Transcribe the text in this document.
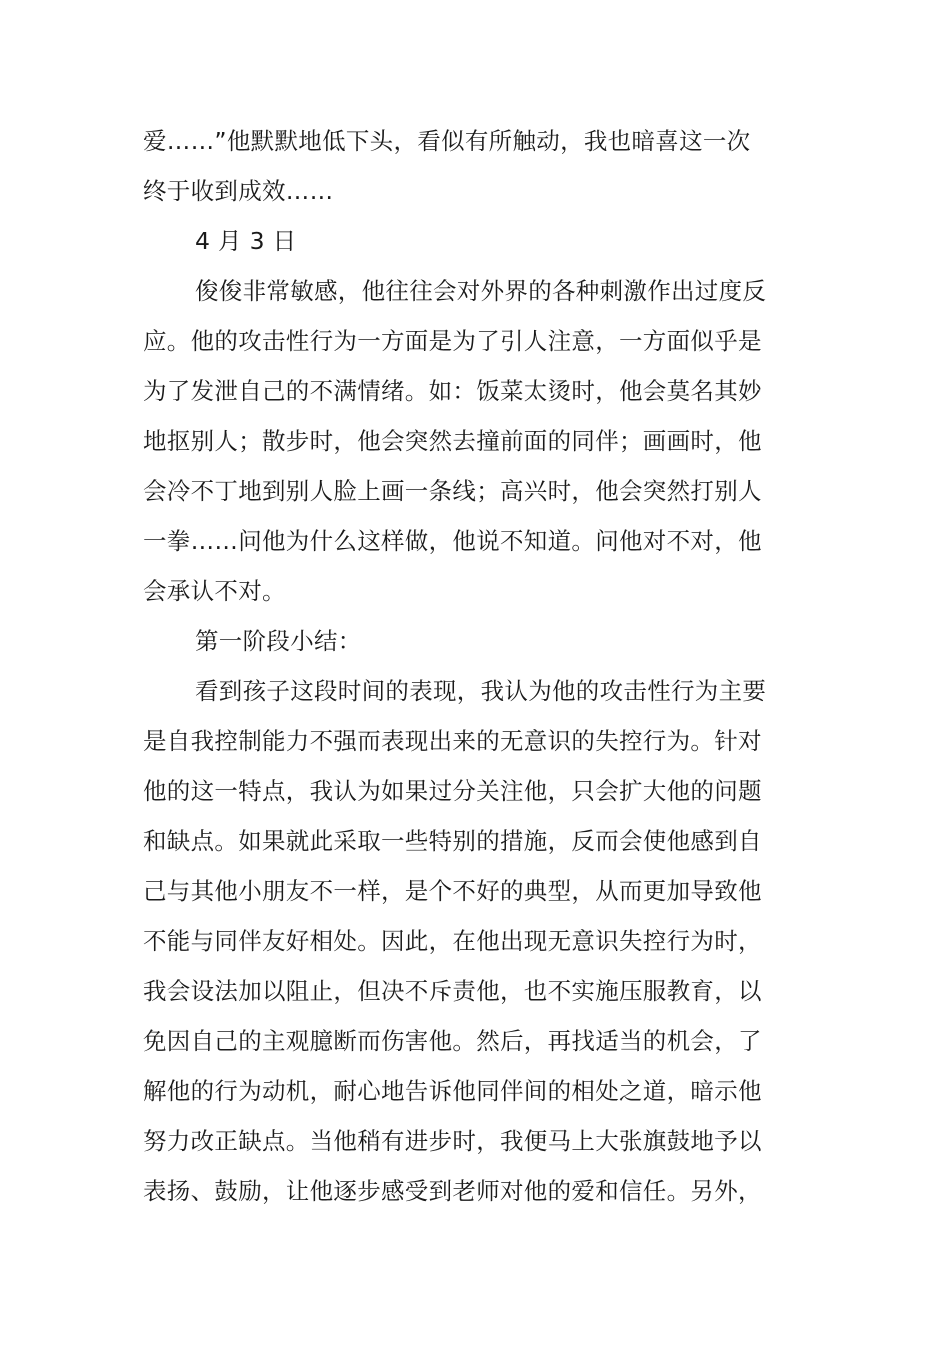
爱……”他默默地低下头，看似有所触动，我也暗喜这一次
终于收到成效……
4 月 3 日
俊俊非常敏感，他往往会对外界的各种刺激作出过度反
应。他的攻击性行为一方面是为了引人注意，一方面似乎是
为了发泄自己的不满情绪。如：饭菜太烫时，他会莫名其妙
地抠别人；散步时，他会突然去撞前面的同伴；画画时，他
会冷不丁地到别人脸上画一条线；高兴时，他会突然打别人
一拳……问他为什么这样做，他说不知道。问他对不对，他
会承认不对。
第一阶段小结：
看到孩子这段时间的表现，我认为他的攻击性行为主要
是自我控制能力不强而表现出来的无意识的失控行为。针对
他的这一特点，我认为如果过分关注他，只会扩大他的问题
和缺点。如果就此采取一些特别的措施，反而会使他感到自
己与其他小朋友不一样，是个不好的典型，从而更加导致他
不能与同伴友好相处。因此，在他出现无意识失控行为时，
我会设法加以阻止，但决不斥责他，也不实施压服教育，以
免因自己的主观臆断而伤害他。然后，再找适当的机会，了
解他的行为动机，耐心地告诉他同伴间的相处之道，暗示他
努力改正缺点。当他稍有进步时，我便马上大张旗鼓地予以
表扬、鼓励，让他逐步感受到老师对他的爱和信任。另外，
